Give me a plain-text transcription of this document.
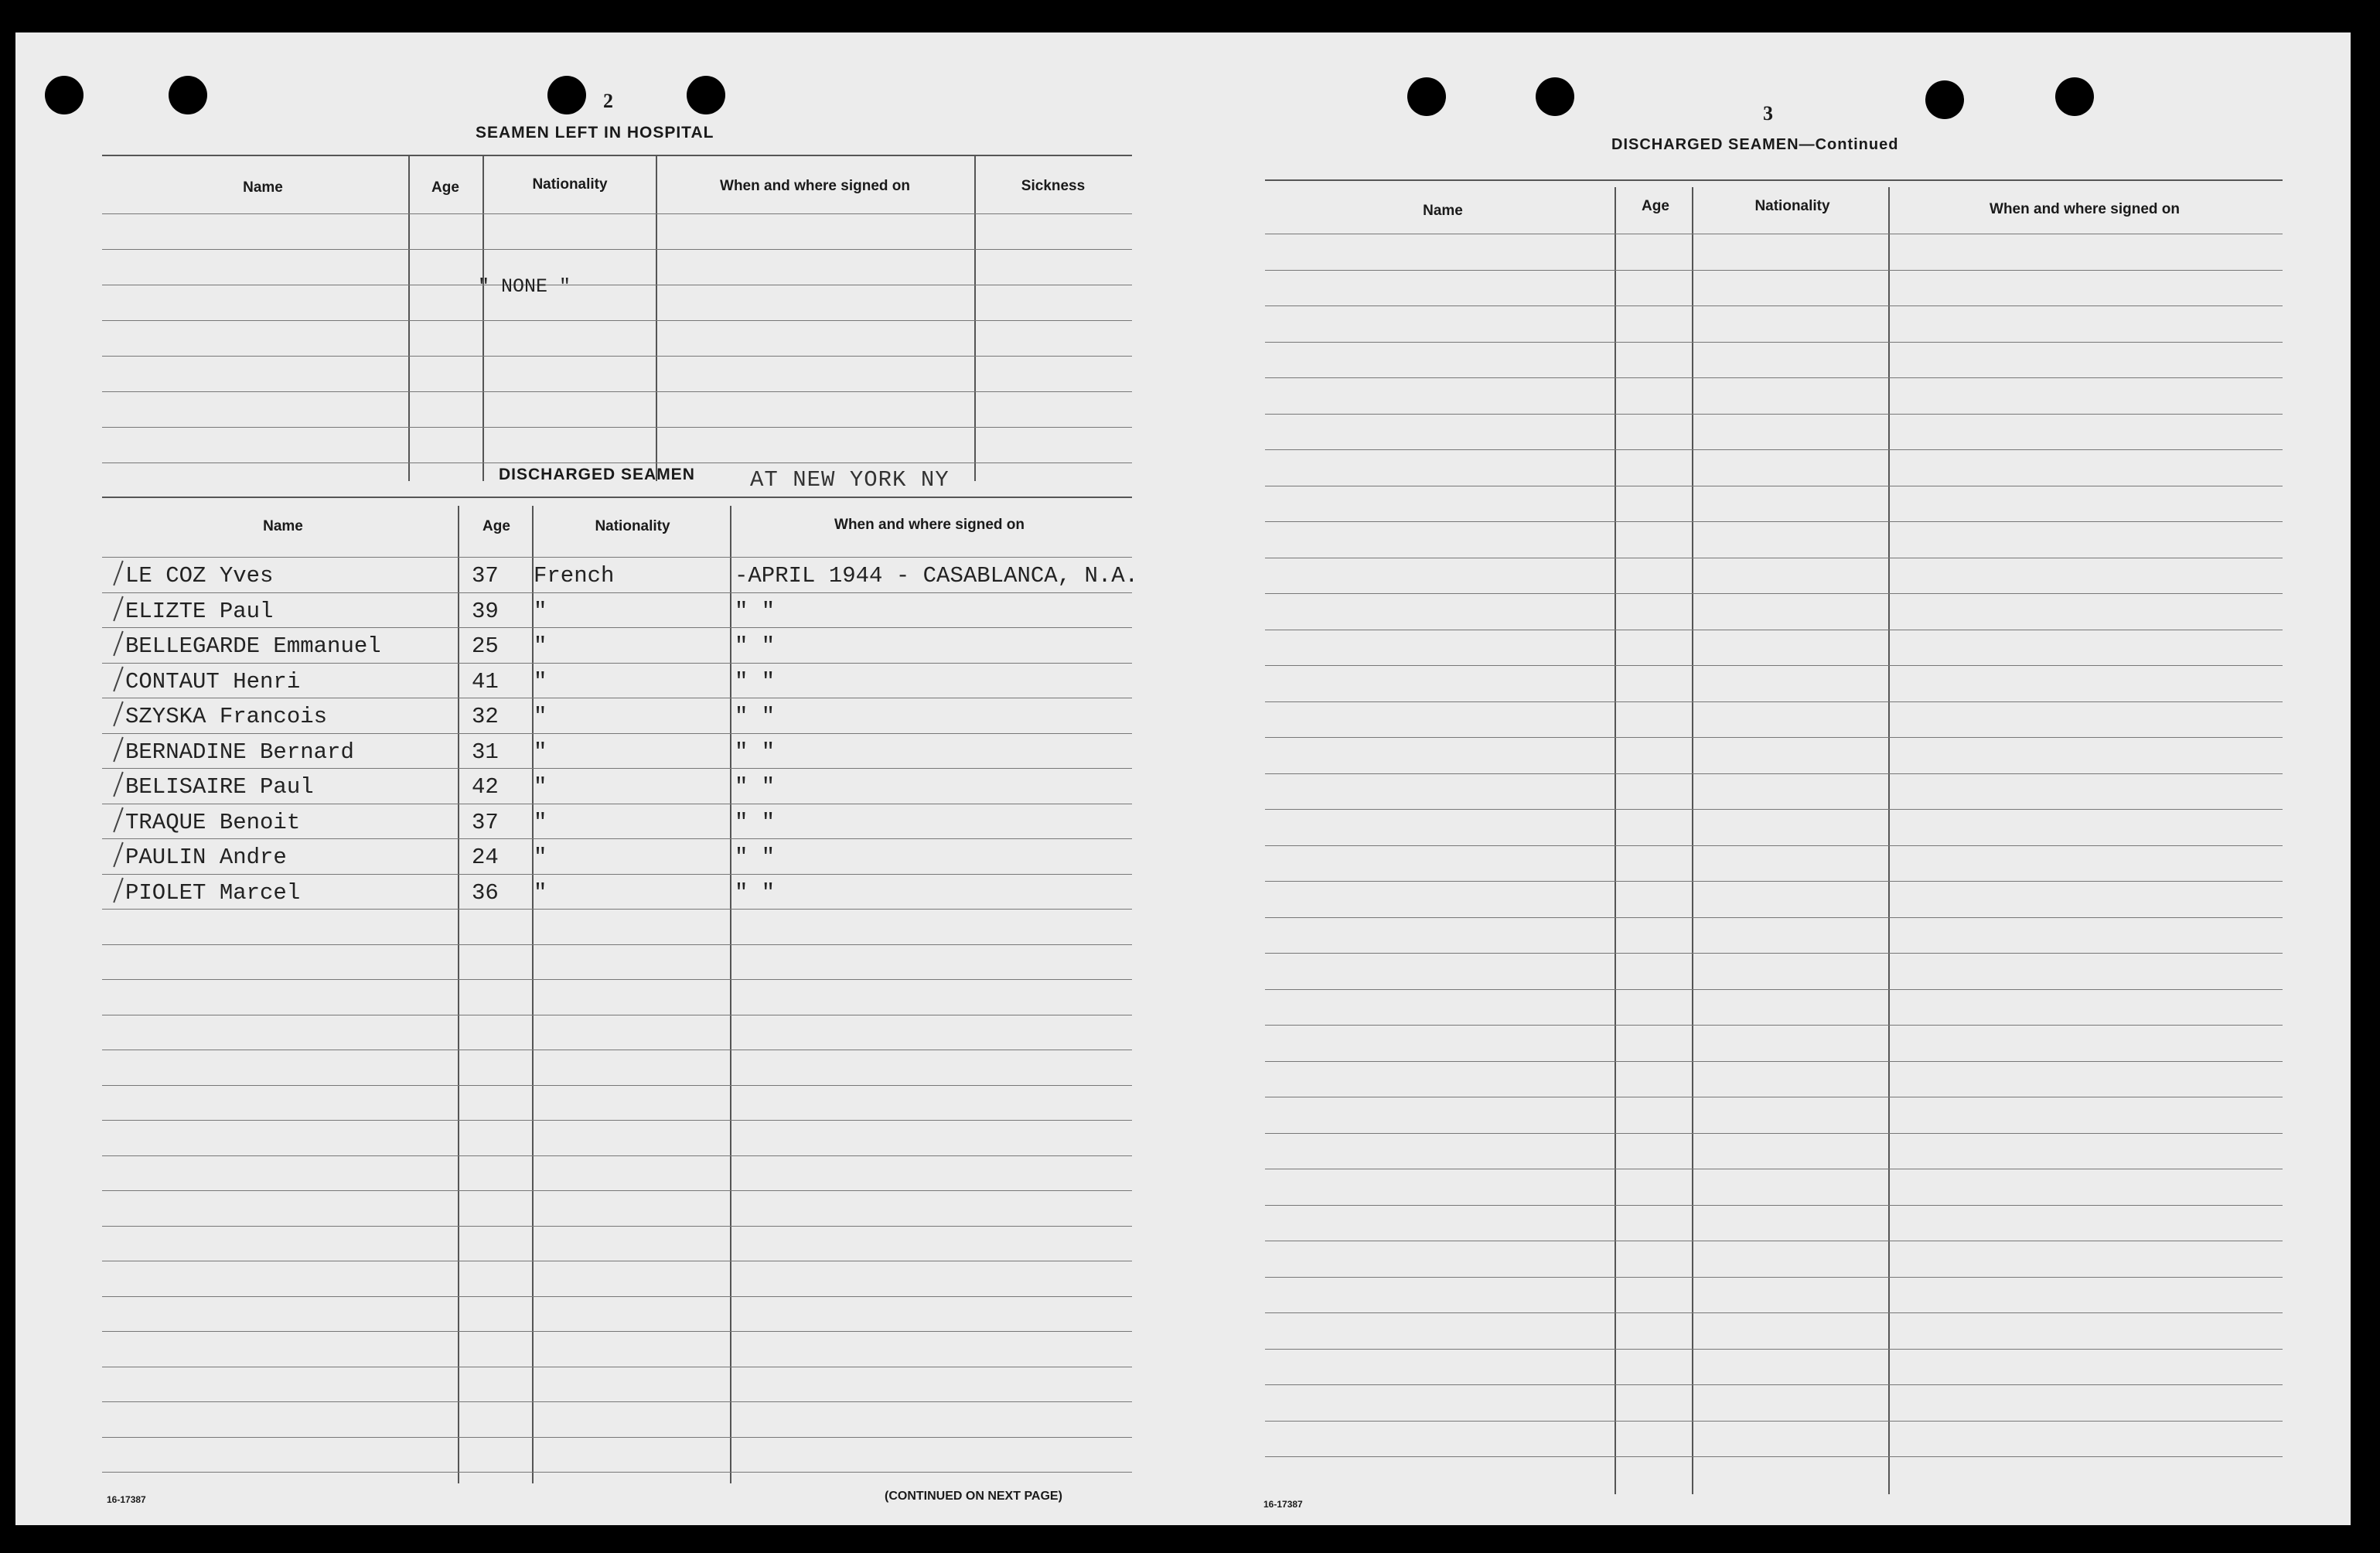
2
SEAMEN LEFT IN HOSPITAL
Name	Age	Nationality	When and where signed on	Sickness
" NONE "
DISCHARGED SEAMEN AT NEW YORK NY
Name	Age	Nationality	When and where signed on
LE COZ Yves	37 French	-APRIL 1944 - CASABLANCA, N.A.
ELIZTE Paul	39 "	" "
BELLEGARDE Emmanuel	25 "	" "
CONTAUT Henri	41 "	" "
SZYSKA Francois	32 "	" "
BERNADINE Bernard	31 "	" "
BELISAIRE Paul	42 "	" "
TRAQUE Benoit	37 "	" "
PAULIN Andre	24 "	" "
PIOLET Marcel	36 "	" "
16-17387	(CONTINUED ON NEXT PAGE)
3
DISCHARGED SEAMEN—Continued
Name	Age	Nationality	When and where signed on
16-17387
